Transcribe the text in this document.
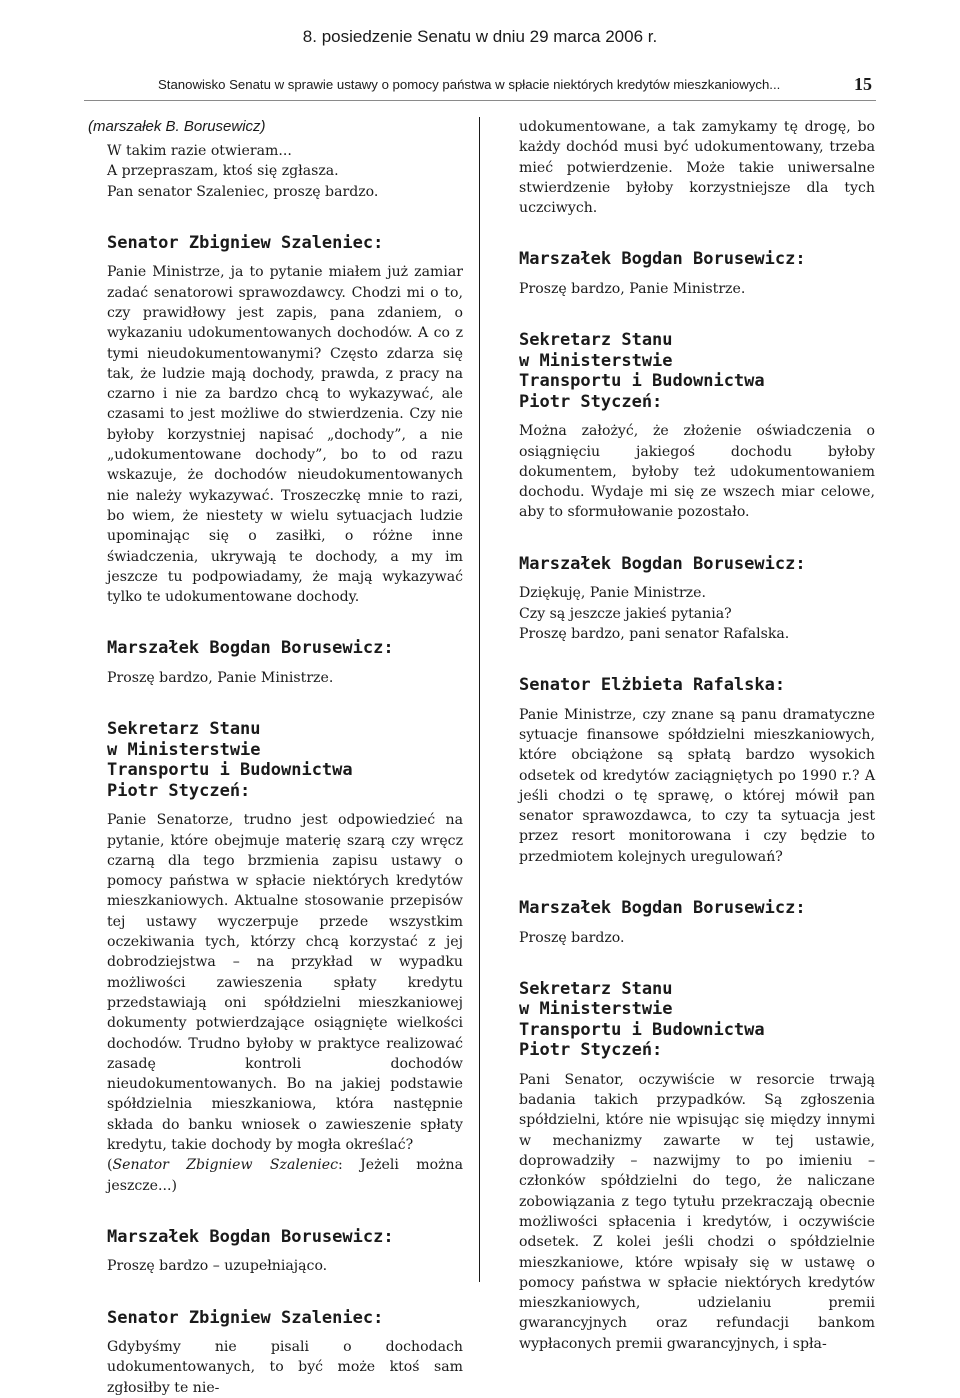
8. posiedzenie Senatu w dniu 29 marca 2006 r.
Stanowisko Senatu w sprawie ustawy o pomocy państwa w spłacie niektórych kredytów mieszkaniowych...	15
(marszałek B. Borusewicz)

W takim razie otwieram...

A przepraszam, ktoś się zgłasza.

Pan senator Szaleniec, proszę bardzo.

Senator Zbigniew Szaleniec:

Panie Ministrze, ja to pytanie miałem już zamiar zadać senatorowi sprawozdawcy. Chodzi mi o to, czy prawidłowy jest zapis, pana zdaniem, o wykazaniu udokumentowanych dochodów. A co z tymi nieudokumentowanymi? Często zdarza się tak, że ludzie mają dochody, prawda, z pracy na czarno i nie za bardzo chcą to wykazywać, ale czasami to jest możliwe do stwierdzenia. Czy nie byłoby korzystniej napisać „dochody”, a nie „udokumentowane dochody”, bo to od razu wskazuje, że dochodów nieudokumentowanych nie należy wykazywać. Troszeczkę mnie to razi, bo wiem, że niestety w wielu sytuacjach ludzie upominając się o zasiłki, o różne inne świadczenia, ukrywają te dochody, a my im jeszcze tu podpowiadamy, że mają wykazywać tylko te udokumentowane dochody.

Marszałek Bogdan Borusewicz:

Proszę bardzo, Panie Ministrze.

Sekretarz Stanu
w Ministerstwie
Transportu i Budownictwa
Piotr Styczeń:

Panie Senatorze, trudno jest odpowiedzieć na pytanie, które obejmuje materię szarą czy wręcz czarną dla tego brzmienia zapisu ustawy o pomocy państwa w spłacie niektórych kredytów mieszkaniowych. Aktualne stosowanie przepisów tej ustawy wyczerpuje przede wszystkim oczekiwania tych, którzy chcą korzystać z jej dobrodziejstwa – na przykład w wypadku możliwości zawieszenia spłaty kredytu przedstawiają oni spółdzielni mieszkaniowej dokumenty potwierdzające osiągnięte wielkości dochodów. Trudno byłoby w praktyce realizować zasadę kontroli dochodów nieudokumentowanych. Bo na jakiej podstawie spółdzielnia mieszkaniowa, która następnie składa do banku wniosek o zawieszenie spłaty kredytu, takie dochody by mogła określać?

(Senator Zbigniew Szaleniec: Jeżeli można jeszcze...)

Marszałek Bogdan Borusewicz:

Proszę bardzo – uzupełniająco.

Senator Zbigniew Szaleniec:

Gdybyśmy nie pisali o dochodach udokumentowanych, to być może ktoś sam zgłosiłby te nie-

udokumentowane, a tak zamykamy tę drogę, bo każdy dochód musi być udokumentowany, trzeba mieć potwierdzenie. Może takie uniwersalne stwierdzenie byłoby korzystniejsze dla tych uczciwych.

Marszałek Bogdan Borusewicz:

Proszę bardzo, Panie Ministrze.

Sekretarz Stanu
w Ministerstwie
Transportu i Budownictwa
Piotr Styczeń:

Można założyć, że złożenie oświadczenia o osiągnięciu jakiegoś dochodu byłoby dokumentem, byłoby też udokumentowaniem dochodu. Wydaje mi się ze wszech miar celowe, aby to sformułowanie pozostało.

Marszałek Bogdan Borusewicz:

Dziękuję, Panie Ministrze.

Czy są jeszcze jakieś pytania?

Proszę bardzo, pani senator Rafalska.

Senator Elżbieta Rafalska:

Panie Ministrze, czy znane są panu dramatyczne sytuacje finansowe spółdzielni mieszkaniowych, które obciążone są spłatą bardzo wysokich odsetek od kredytów zaciągniętych po 1990 r.? A jeśli chodzi o tę sprawę, o której mówił pan senator sprawozdawca, to czy ta sytuacja jest przez resort monitorowana i czy będzie to przedmiotem kolejnych uregulowań?

Marszałek Bogdan Borusewicz:

Proszę bardzo.

Sekretarz Stanu
w Ministerstwie
Transportu i Budownictwa
Piotr Styczeń:

Pani Senator, oczywiście w resorcie trwają badania takich przypadków. Są zgłoszenia spółdzielni, które nie wpisując się między innymi w mechanizmy zawarte w tej ustawie, doprowadziły – nazwijmy to po imieniu – członków spółdzielni do tego, że naliczane zobowiązania z tego tytułu przekraczają obecnie możliwości spłacenia i kredytów, i oczywiście odsetek. Z kolei jeśli chodzi o spółdzielnie mieszkaniowe, które wpisały się w ustawę o pomocy państwa w spłacie niektórych kredytów mieszkaniowych, udzielaniu premii gwarancyjnych oraz refundacji bankom wypłaconych premii gwarancyjnych, i spła-
